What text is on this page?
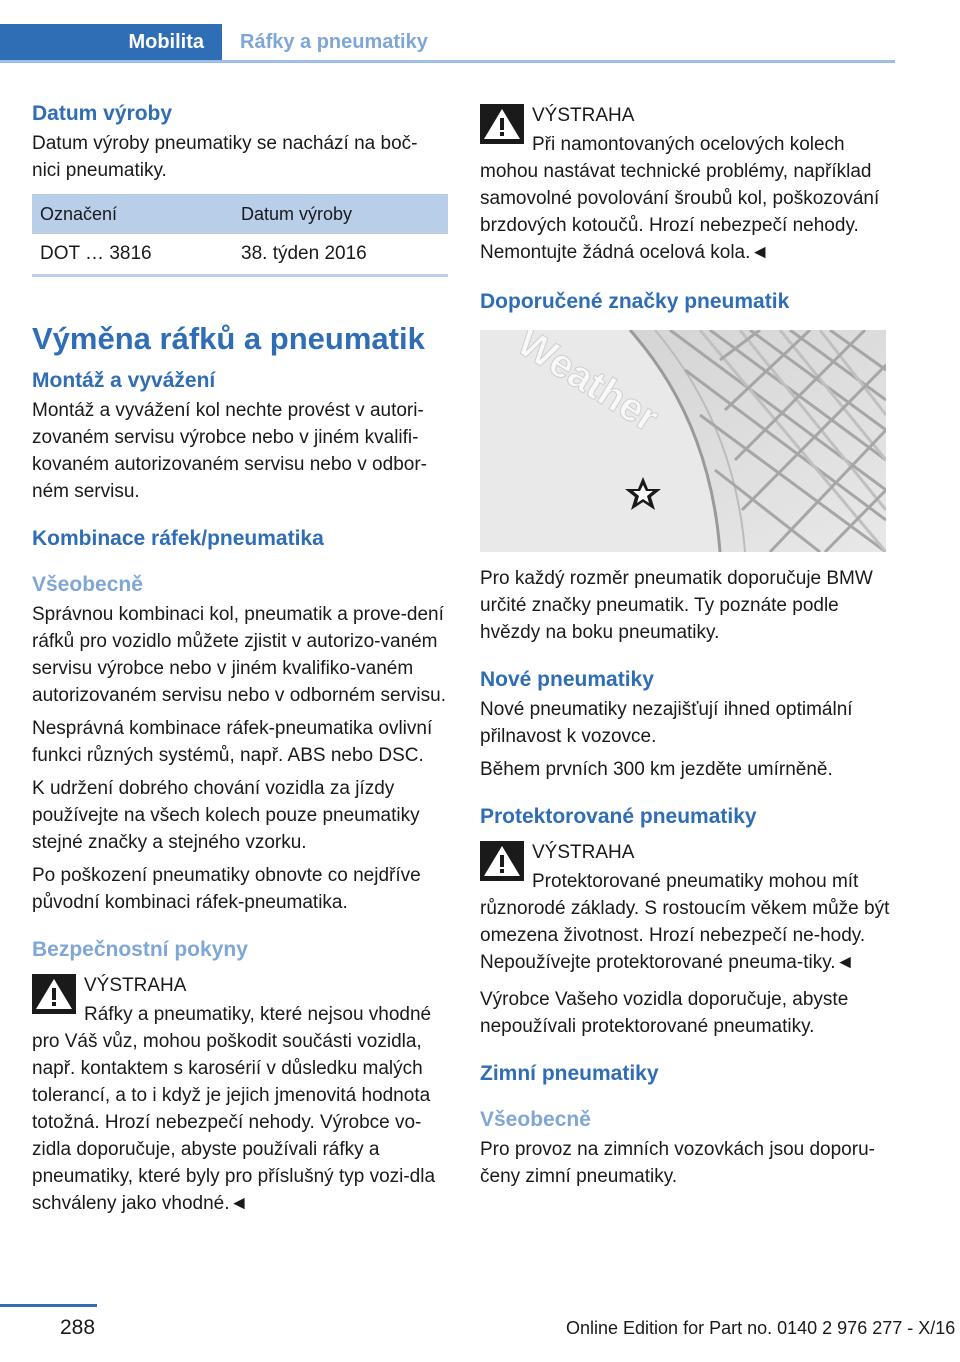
Mobilita	Ráfky a pneumatiky
Datum výroby

Datum výroby pneumatiky se nachází na boč-nici pneumatiky.

Označení	Datum výroby
DOT … 3816	38. týden 2016
Výměna ráfků a pneumatik
Montáž a vyvážení

Montáž a vyvážení kol nechte provést v autori-zovaném servisu výrobce nebo v jiném kvalifi-kovaném autorizovaném servisu nebo v odbor-ném servisu.

Kombinace ráfek/pneumatika
Všeobecně

Správnou kombinaci kol, pneumatik a prove-dení ráfků pro vozidlo můžete zjistit v autorizo-vaném servisu výrobce nebo v jiném kvalifiko-vaném autorizovaném servisu nebo v odborném servisu.

Nesprávná kombinace ráfek-pneumatika ovlivní funkci různých systémů, např. ABS nebo DSC.

K udržení dobrého chování vozidla za jízdy používejte na všech kolech pouze pneumatiky stejné značky a stejného vzorku.

Po poškození pneumatiky obnovte co nejdříve původní kombinaci ráfek-pneumatika.

Bezpečnostní pokyny
VÝSTRAHA

Ráfky a pneumatiky, které nejsou vhodné pro Váš vůz, mohou poškodit součásti vozidla, např. kontaktem s karosérií v důsledku malých tolerancí, a to i když je jejich jmenovitá hodnota totožná. Hrozí nebezpečí nehody. Výrobce vo-zidla doporučuje, abyste používali ráfky a pneumatiky, které byly pro příslušný typ vozi-dla schváleny jako vhodné.◄

VÝSTRAHA

Při namontovaných ocelových kolech mohou nastávat technické problémy, například samovolné povolování šroubů kol, poškozování brzdových kotoučů. Hrozí nebezpečí nehody. Nemontujte žádná ocelová kola.◄

Doporučené značky pneumatik
Weather

Pro každý rozměr pneumatik doporučuje BMW určité značky pneumatik. Ty poznáte podle hvězdy na boku pneumatiky.

Nové pneumatiky

Nové pneumatiky nezajišťují ihned optimální přilnavost k vozovce.

Během prvních 300 km jezděte umírněně.

Protektorované pneumatiky
VÝSTRAHA

Protektorované pneumatiky mohou mít různorodé základy. S rostoucím věkem může být omezena životnost. Hrozí nebezpečí ne-hody. Nepoužívejte protektorované pneuma-tiky.◄

Výrobce Vašeho vozidla doporučuje, abyste nepoužívali protektorované pneumatiky.

Zimní pneumatiky
Všeobecně

Pro provoz na zimních vozovkách jsou doporu-čeny zimní pneumatiky.

288	Online Edition for Part no. 0140 2 976 277 - X/16
